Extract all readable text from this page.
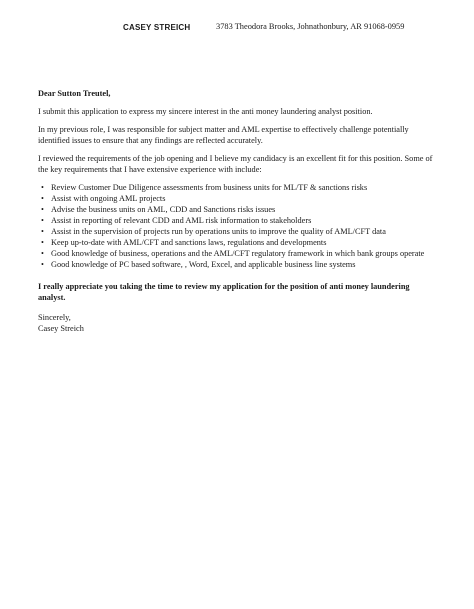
CASEY STREICH	3783 Theodora Brooks, Johnathonbury, AR 91068-0959

Dear Sutton Treutel,

I submit this application to express my sincere interest in the anti money laundering analyst position.

In my previous role, I was responsible for subject matter and AML expertise to effectively challenge potentially identified issues to ensure that any findings are reflected accurately.

I reviewed the requirements of the job opening and I believe my candidacy is an excellent fit for this position. Some of the key requirements that I have extensive experience with include:

• Review Customer Due Diligence assessments from business units for ML/TF & sanctions risks
• Assist with ongoing AML projects
• Advise the business units on AML, CDD and Sanctions risks issues
• Assist in reporting of relevant CDD and AML risk information to stakeholders
• Assist in the supervision of projects run by operations units to improve the quality of AML/CFT data
• Keep up-to-date with AML/CFT and sanctions laws, regulations and developments
• Good knowledge of business, operations and the AML/CFT regulatory framework in which bank groups operate
• Good knowledge of PC based software, , Word, Excel, and applicable business line systems

I really appreciate you taking the time to review my application for the position of anti money laundering analyst.

Sincerely,

Casey Streich
